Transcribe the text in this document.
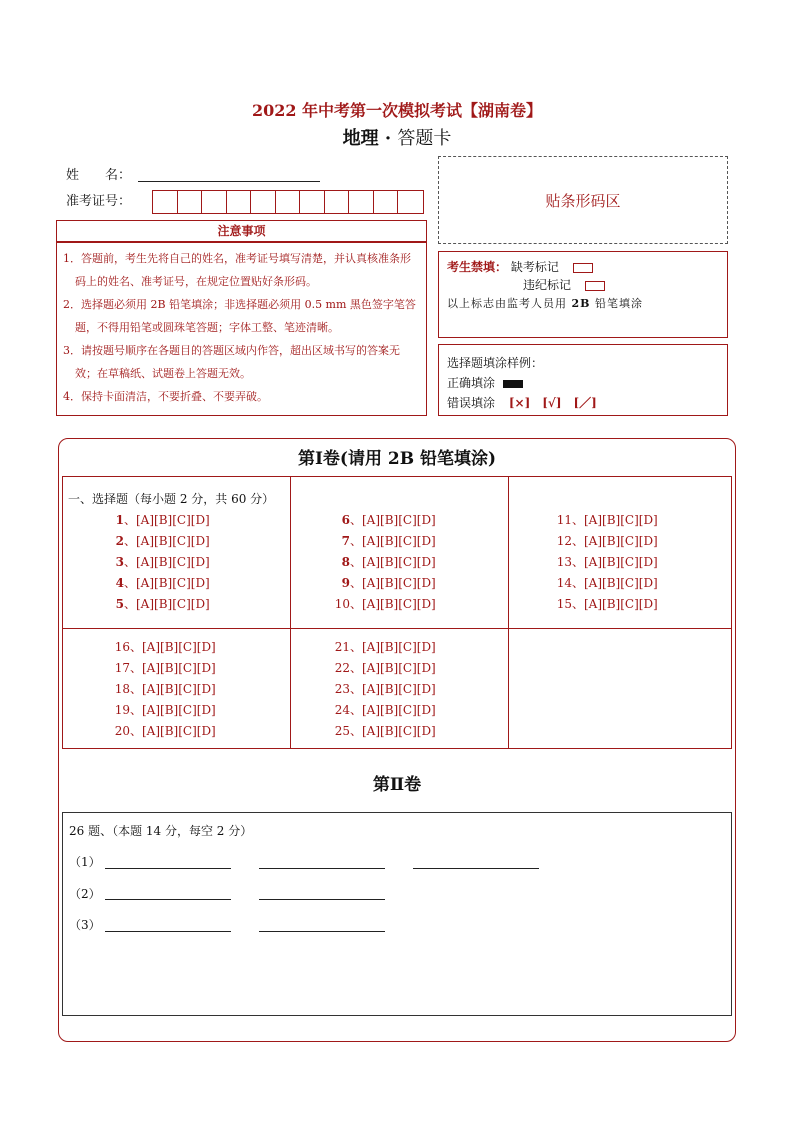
2022 年中考第一次模拟考试【湖南卷】
地理 · 答题卡
姓　　名：
准考证号：	贴条形码区
注意事项
1．答题前，考生先将自己的姓名，准考证号填写清楚，并认真核准条形码上的姓名、准考证号，在规定位置贴好条形码。
2．选择题必须用 2B 铅笔填涂；非选择题必须用 0.5 mm 黑色签字笔答题，不得用铅笔或圆珠笔答题；字体工整、笔迹清晰。
3．请按题号顺序在各题目的答题区域内作答，超出区域书写的答案无效；在草稿纸、试题卷上答题无效。
4．保持卡面清洁，不要折叠、不要弄破。
考生禁填： 缺考标记
违纪标记
以上标志由监考人员用 2B 铅笔填涂
选择题填涂样例：
正确填涂
错误填涂 [×]　[√]　[／]
第Ⅰ卷(请用 2B 铅笔填涂)
一、选择题（每小题 2 分，共 60 分）
1、[A][B][C][D]
2、[A][B][C][D]
3、[A][B][C][D]
4、[A][B][C][D]
5、[A][B][C][D]
6、[A][B][C][D]
7、[A][B][C][D]
8、[A][B][C][D]
9、[A][B][C][D]
10、[A][B][C][D]
11、[A][B][C][D]
12、[A][B][C][D]
13、[A][B][C][D]
14、[A][B][C][D]
15、[A][B][C][D]
16、[A][B][C][D]
17、[A][B][C][D]
18、[A][B][C][D]
19、[A][B][C][D]
20、[A][B][C][D]
21、[A][B][C][D]
22、[A][B][C][D]
23、[A][B][C][D]
24、[A][B][C][D]
25、[A][B][C][D]
第Ⅱ卷
26 题、（本题 14 分，每空 2 分）
（1）
（2）
（3）
